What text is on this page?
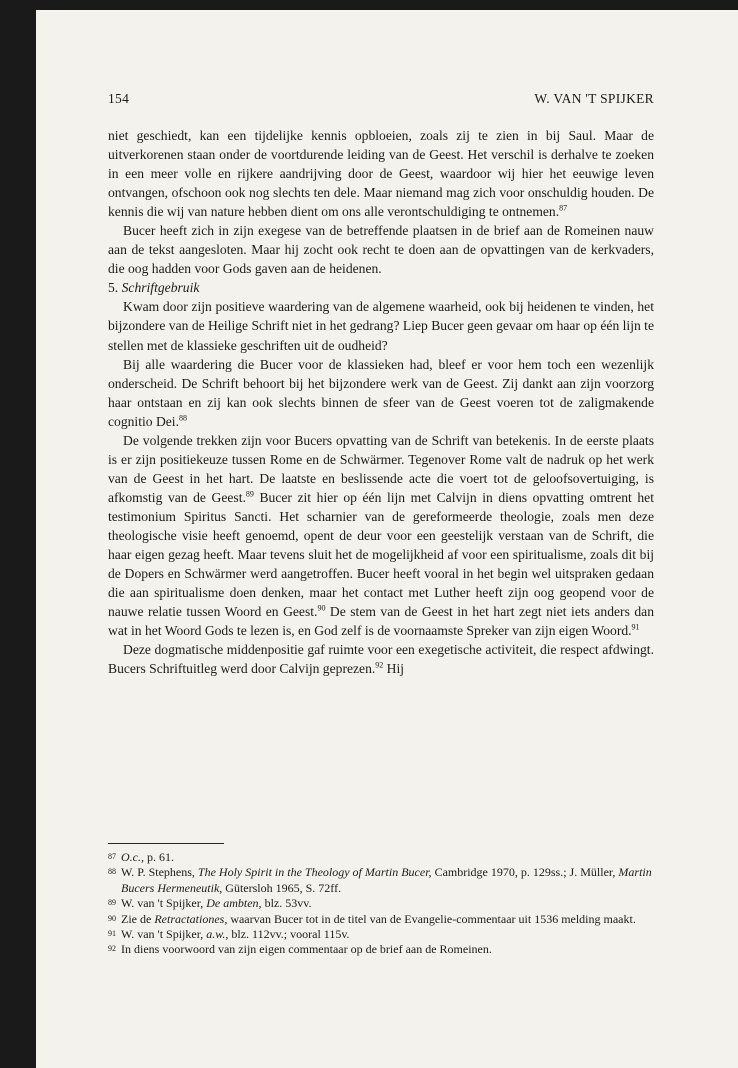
154	W. VAN 'T SPIJKER

niet geschiedt, kan een tijdelijke kennis opbloeien, zoals zij te zien in bij Saul. Maar de uitverkorenen staan onder de voortdurende leiding van de Geest. Het verschil is derhalve te zoeken in een meer volle en rijkere aandrijving door de Geest, waardoor wij hier het eeuwige leven ontvangen, ofschoon ook nog slechts ten dele. Maar niemand mag zich voor onschuldig houden. De kennis die wij van nature hebben dient om ons alle verontschuldiging te ontnemen.$^{87}$

Bucer heeft zich in zijn exegese van de betreffende plaatsen in de brief aan de Romeinen nauw aan de tekst aangesloten. Maar hij zocht ook recht te doen aan de opvattingen van de kerkvaders, die oog hadden voor Gods gaven aan de heidenen.

5. Schriftgebruik

Kwam door zijn positieve waardering van de algemene waarheid, ook bij heidenen te vinden, het bijzondere van de Heilige Schrift niet in het gedrang? Liep Bucer geen gevaar om haar op één lijn te stellen met de klassieke geschriften uit de oudheid?

Bij alle waardering die Bucer voor de klassieken had, bleef er voor hem toch een wezenlijk onderscheid. De Schrift behoort bij het bijzondere werk van de Geest. Zij dankt aan zijn voorzorg haar ontstaan en zij kan ook slechts binnen de sfeer van de Geest voeren tot de zaligmakende cognitio Dei.$^{88}$

De volgende trekken zijn voor Bucers opvatting van de Schrift van betekenis. In de eerste plaats is er zijn positiekeuze tussen Rome en de Schwärmer. Tegenover Rome valt de nadruk op het werk van de Geest in het hart. De laatste en beslissende acte die voert tot de geloofsovertuiging, is afkomstig van de Geest.$^{89}$ Bucer zit hier op één lijn met Calvijn in diens opvatting omtrent het testimonium Spiritus Sancti. Het scharnier van de gereformeerde theologie, zoals men deze theologische visie heeft genoemd, opent de deur voor een geestelijk verstaan van de Schrift, die haar eigen gezag heeft. Maar tevens sluit het de mogelijkheid af voor een spiritualisme, zoals dit bij de Dopers en Schwärmer werd aangetroffen. Bucer heeft vooral in het begin wel uitspraken gedaan die aan spiritualisme doen denken, maar het contact met Luther heeft zijn oog geopend voor de nauwe relatie tussen Woord en Geest.$^{90}$ De stem van de Geest in het hart zegt niet iets anders dan wat in het Woord Gods te lezen is, en God zelf is de voornaamste Spreker van zijn eigen Woord.$^{91}$

Deze dogmatische middenpositie gaf ruimte voor een exegetische activiteit, die respect afdwingt. Bucers Schriftuitleg werd door Calvijn geprezen.$^{92}$ Hij

87 O.c., p. 61.
88 W. P. Stephens, The Holy Spirit in the Theology of Martin Bucer, Cambridge 1970, p. 129ss.; J. Müller, Martin Bucers Hermeneutik, Gütersloh 1965, S. 72ff.
89 W. van 't Spijker, De ambten, blz. 53vv.
90 Zie de Retractationes, waarvan Bucer tot in de titel van de Evangelie-commentaar uit 1536 melding maakt.
91 W. van 't Spijker, a.w., blz. 112vv.; vooral 115v.
92 In diens voorwoord van zijn eigen commentaar op de brief aan de Romeinen.
